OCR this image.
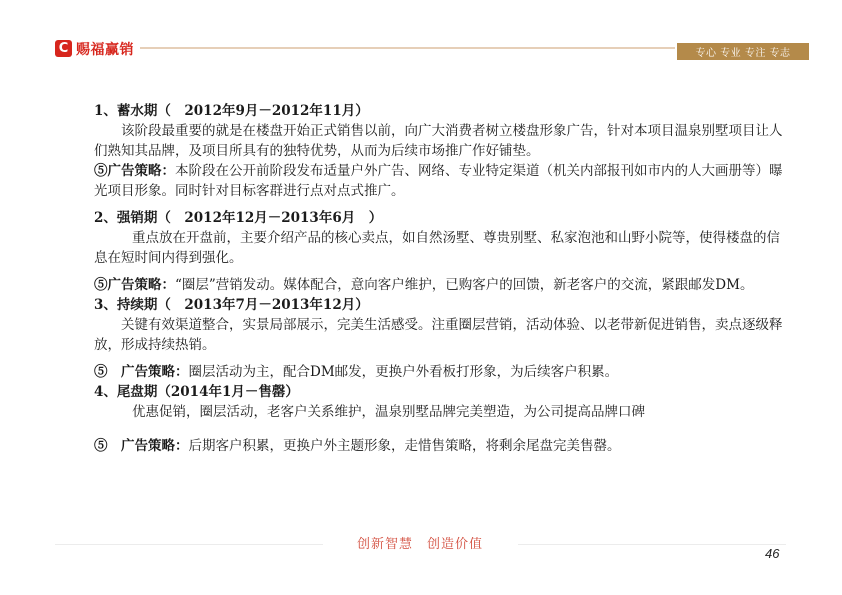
C 赐福赢销	专心 专业 专注 专志

1、蓄水期（　2012年9月－2012年11月）

该阶段最重要的就是在楼盘开始正式销售以前，向广大消费者树立楼盘形象广告，针对本项目温泉别墅项目让人们熟知其品牌，及项目所具有的独特优势，从而为后续市场推广作好铺垫。

⑤广告策略：本阶段在公开前阶段发布适量户外广告、网络、专业特定渠道（机关内部报刊如市内的人大画册等）曝光项目形象。同时针对目标客群进行点对点式推广。

2、强销期（　2012年12月－2013年6月　）

重点放在开盘前，主要介绍产品的核心卖点，如自然汤墅、尊贵别墅、私家泡池和山野小院等，使得楼盘的信息在短时间内得到强化。

⑤广告策略：“圈层”营销发动。媒体配合，意向客户维护，已购客户的回馈，新老客户的交流，紧跟邮发DM。

3、持续期（　2013年7月－2013年12月）

关键有效渠道整合，实景局部展示，完美生活感受。注重圈层营销，活动体验、以老带新促进销售，卖点逐级释放，形成持续热销。

⑤　广告策略：圈层活动为主，配合DM邮发，更换户外看板打形象，为后续客户积累。

4、尾盘期（2014年1月－售罄）

优惠促销，圈层活动，老客户关系维护，温泉别墅品牌完美塑造，为公司提高品牌口碑

⑤　广告策略：后期客户积累，更换户外主题形象，走惜售策略，将剩余尾盘完美售罄。

创新智慧　创造价值
46
